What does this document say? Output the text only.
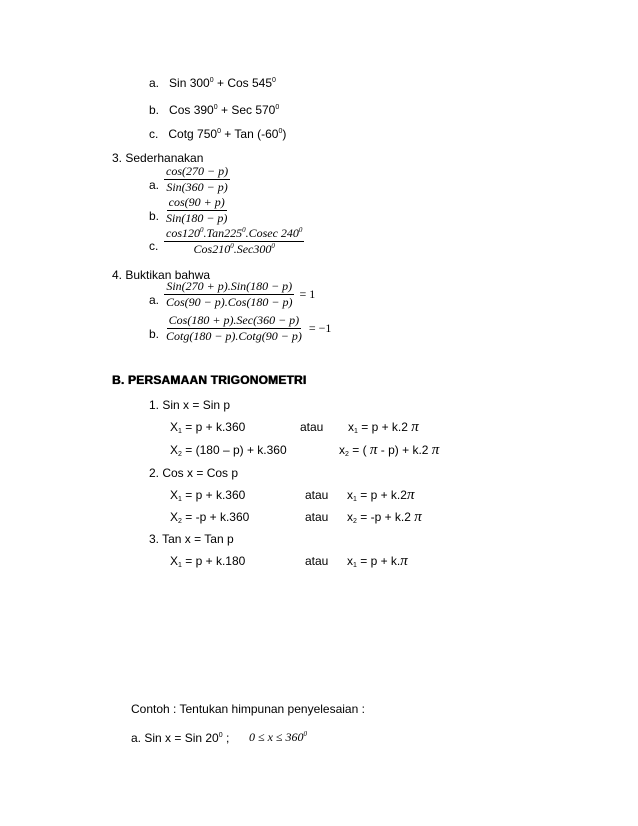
a. Sin $300^0$ + Cos $545^0$
b. Cos $390^0$ + Sec $570^0$
c. Cotg $750^0$ + Tan $(-60^0)$
3. Sederhanakan
a. $\frac{\cos(270 - p)}{\text{Sin(360 − p)}}$
b. $\frac{\cos(90 + p)}{\text{Sin(180 − p)}}$
c. $\frac{\cos 120^0.Tan225^0.Cosec 240^0}{Cos210^0.Sec300^0}$
4. Buktikan bahwa
a. $\frac{\text{Sin(270 + p).Sin(180 − p)}}{\text{Cos(90 − p).Cos(180 − p)}} = 1$
b. $\frac{\text{Cos(180 + p).Sec(360 − p)}}{\text{Cotg(180 − p).Cotg(90 − p)}} = -1$
B. PERSAMAAN TRIGONOMETRI
1. Sin x = Sin p
$X_1 = p + k.360$	atau $x_1 = p + k.2$ π
$X_2 = (180 - p) + k.360$	$x_2$ = ( π - p) + k.2 π
2. Cos x = Cos p
$X_1 = p + k.360$	atau $x_1 = p + k.2\pi$
$X_2 = -p + k.360$	atau $x_2 = -p + k.2$ π
3. Tan x = Tan p
$X_1 = p + k.180$	atau $x_1 = p + k.\pi$
Contoh : Tentukan himpunan penyelesaian :
a. Sin x = Sin $20^0$ ; $0 \le x \le 360^0$
